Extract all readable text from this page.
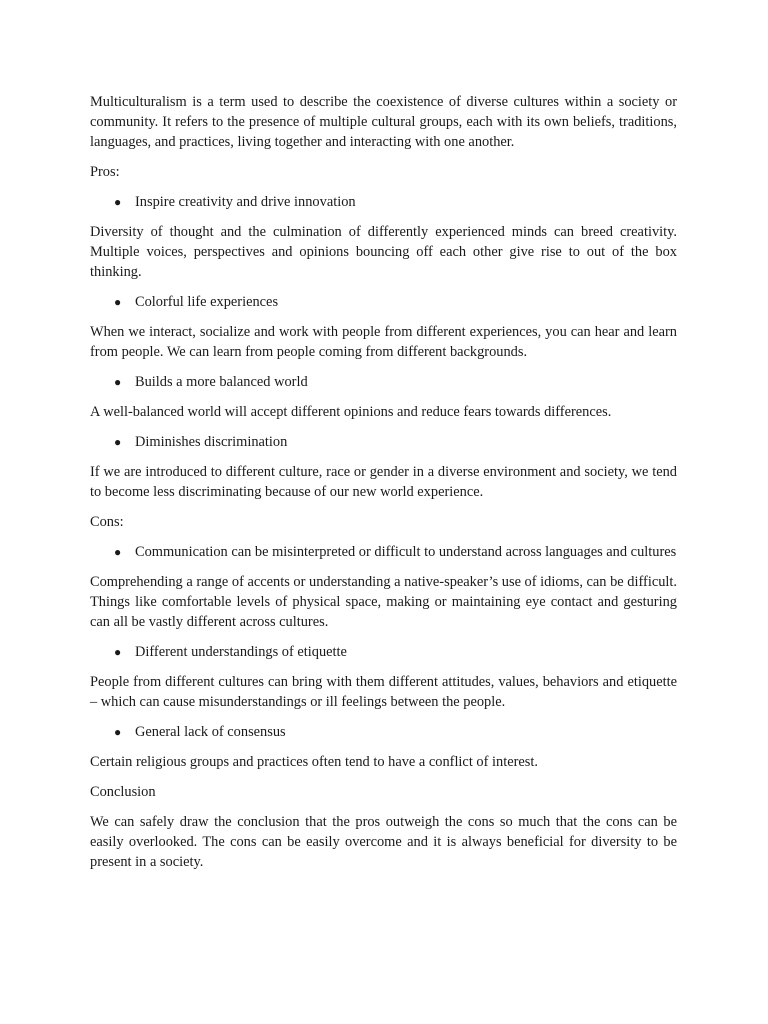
Multiculturalism is a term used to describe the coexistence of diverse cultures within a society or community. It refers to the presence of multiple cultural groups, each with its own beliefs, traditions, languages, and practices, living together and interacting with one another.

Pros:

● Inspire creativity and drive innovation

Diversity of thought and the culmination of differently experienced minds can breed creativity. Multiple voices, perspectives and opinions bouncing off each other give rise to out of the box thinking.

● Colorful life experiences

When we interact, socialize and work with people from different experiences, you can hear and learn from people. We can learn from people coming from different backgrounds.

● Builds a more balanced world

A well-balanced world will accept different opinions and reduce fears towards differences.

● Diminishes discrimination

If we are introduced to different culture, race or gender in a diverse environment and society, we tend to become less discriminating because of our new world experience.

Cons:

● Communication can be misinterpreted or difficult to understand across languages and cultures

Comprehending a range of accents or understanding a native-speaker’s use of idioms, can be difficult. Things like comfortable levels of physical space, making or maintaining eye contact and gesturing can all be vastly different across cultures.

● Different understandings of etiquette

People from different cultures can bring with them different attitudes, values, behaviors and etiquette – which can cause misunderstandings or ill feelings between the people.

● General lack of consensus

Certain religious groups and practices often tend to have a conflict of interest.

Conclusion

We can safely draw the conclusion that the pros outweigh the cons so much that the cons can be easily overlooked. The cons can be easily overcome and it is always beneficial for diversity to be present in a society.
